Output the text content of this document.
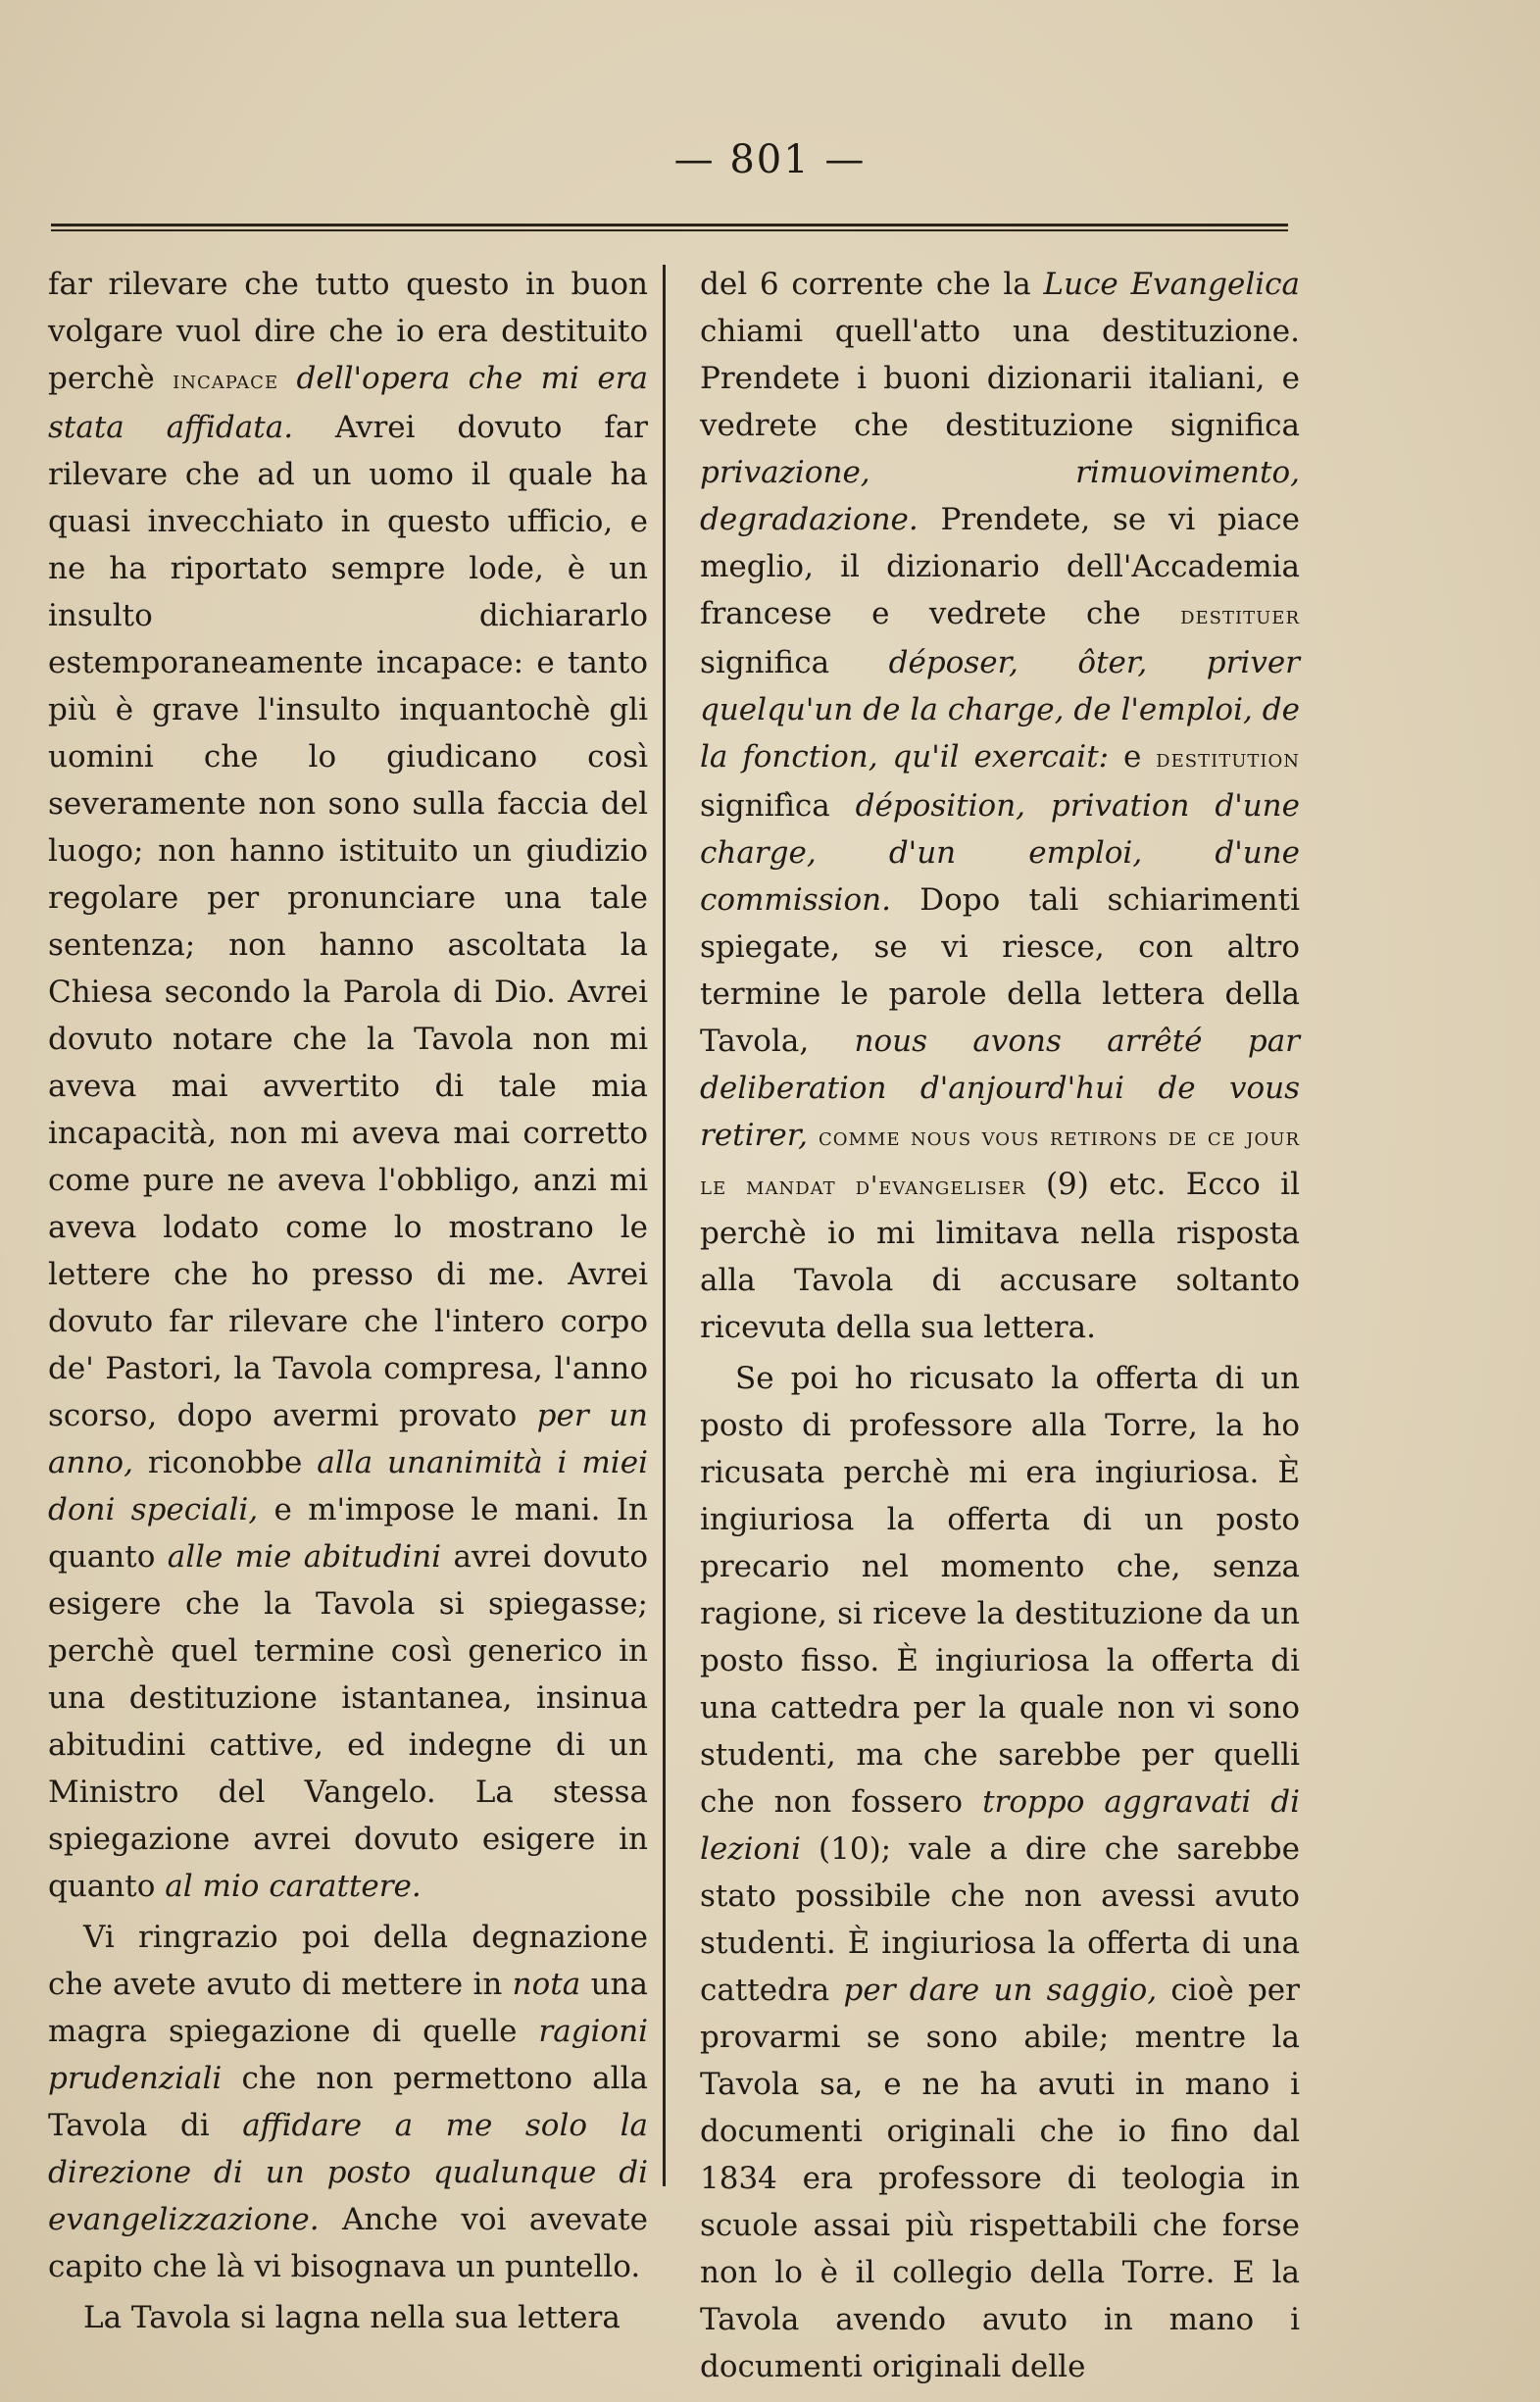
— 801 —

far rilevare che tutto questo in buon volgare vuol dire che io era destituito perchè incapace dell'opera che mi era stata affidata. Avrei dovuto far rilevare che ad un uomo il quale ha quasi invecchiato in questo ufficio, e ne ha riportato sempre lode, è un insulto dichiararlo estemporaneamente incapace: e tanto più è grave l'insulto inquantochè gli uomini che lo giudicano così severamente non sono sulla faccia del luogo; non hanno istituito un giudizio regolare per pronunciare una tale sentenza; non hanno ascoltata la Chiesa secondo la Parola di Dio. Avrei dovuto notare che la Tavola non mi aveva mai avvertito di tale mia incapacità, non mi aveva mai corretto come pure ne aveva l'obbligo, anzi mi aveva lodato come lo mostrano le lettere che ho presso di me. Avrei dovuto far rilevare che l'intero corpo de' Pastori, la Tavola compresa, l'anno scorso, dopo avermi provato per un anno, riconobbe alla unanimità i miei doni speciali, e m'impose le mani. In quanto alle mie abitudini avrei dovuto esigere che la Tavola si spiegasse; perchè quel termine così generico in una destituzione istantanea, insinua abitudini cattive, ed indegne di un Ministro del Vangelo. La stessa spiegazione avrei dovuto esigere in quanto al mio carattere.

Vi ringrazio poi della degnazione che avete avuto di mettere in nota una magra spiegazione di quelle ragioni prudenziali che non permettono alla Tavola di affidare a me solo la direzione di un posto qualunque di evangelizzazione. Anche voi avevate capito che là vi bisognava un puntello.

La Tavola si lagna nella sua lettera

del 6 corrente che la Luce Evangelica chiami quell'atto una destituzione. Prendete i buoni dizionarii italiani, e vedrete che destituzione significa privazione, rimuovimento, degradazione. Prendete, se vi piace meglio, il dizionario dell'Accademia francese e vedrete che destituer significa déposer, ôter, priver quelqu'un de la charge, de l'emploi, de la fonction, qu'il exercait: e destitution signifìca déposition, privation d'une charge, d'un emploi, d'une commission. Dopo tali schiarimenti spiegate, se vi riesce, con altro termine le parole della lettera della Tavola, nous avons arrêté par deliberation d'anjourd'hui de vous retirer, comme nous vous retirons de ce jour le mandat d'evangeliser (9) etc. Ecco il perchè io mi limitava nella risposta alla Tavola di accusare soltanto ricevuta della sua lettera.

Se poi ho ricusato la offerta di un posto di professore alla Torre, la ho ricusata perchè mi era ingiuriosa. È ingiuriosa la offerta di un posto precario nel momento che, senza ragione, si riceve la destituzione da un posto fisso. È ingiuriosa la offerta di una cattedra per la quale non vi sono studenti, ma che sarebbe per quelli che non fossero troppo aggravati di lezioni (10); vale a dire che sarebbe stato possibile che non avessi avuto studenti. È ingiuriosa la offerta di una cattedra per dare un saggio, cioè per provarmi se sono abile; mentre la Tavola sa, e ne ha avuti in mano i documenti originali che io fino dal 1834 era professore di teologia in scuole assai più rispettabili che forse non lo è il collegio della Torre. E la Tavola avendo avuto in mano i documenti originali delle
